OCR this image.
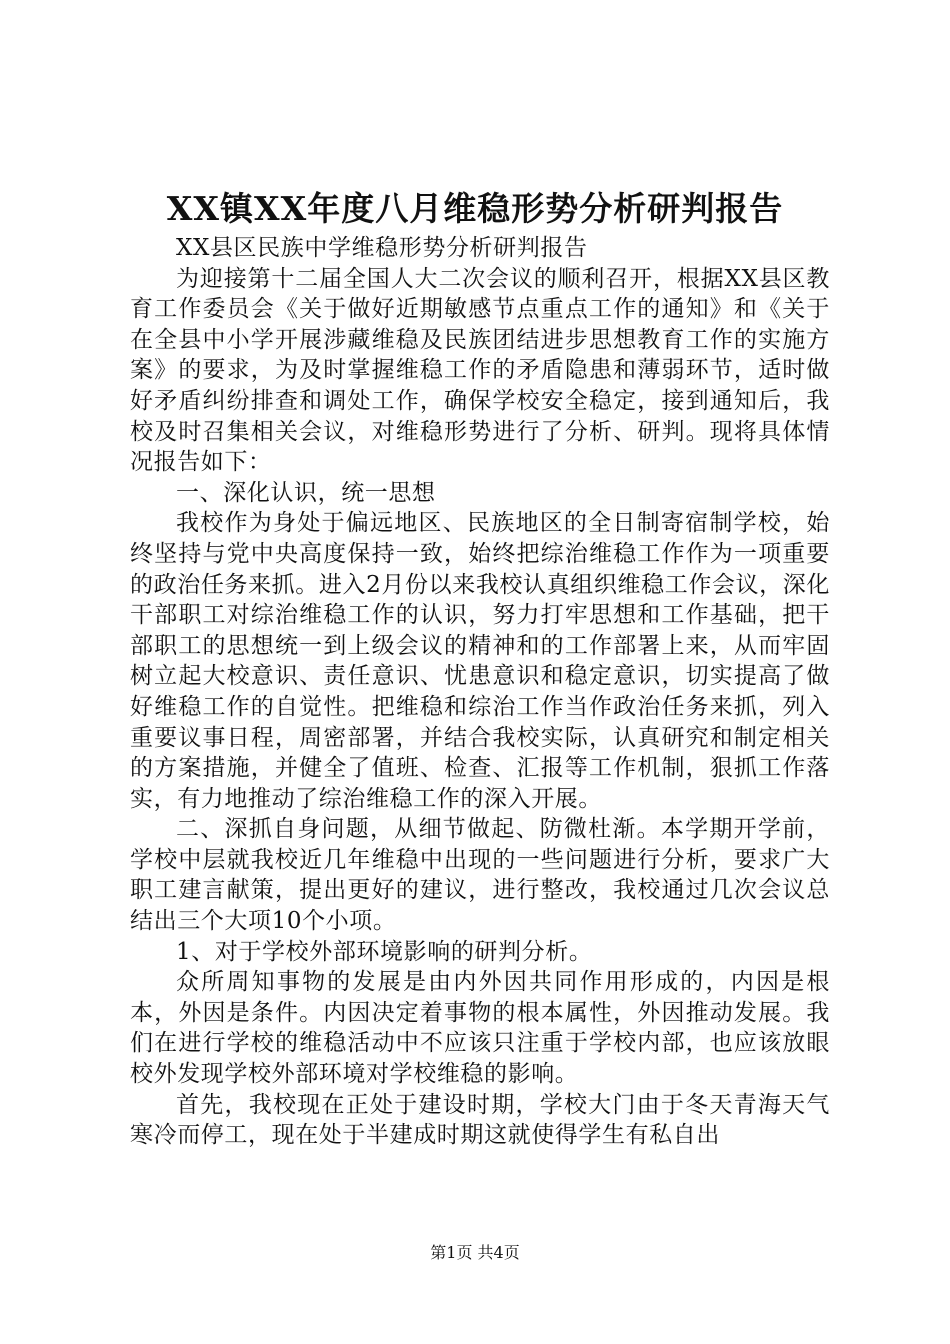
XX镇XX年度八月维稳形势分析研判报告

XX县区民族中学维稳形势分析研判报告

为迎接第十二届全国人大二次会议的顺利召开，根据XX县区教育工作委员会《关于做好近期敏感节点重点工作的通知》和《关于在全县中小学开展涉藏维稳及民族团结进步思想教育工作的实施方案》的要求，为及时掌握维稳工作的矛盾隐患和薄弱环节，适时做好矛盾纠纷排查和调处工作，确保学校安全稳定，接到通知后，我校及时召集相关会议，对维稳形势进行了分析、研判。现将具体情况报告如下：

一、深化认识，统一思想

我校作为身处于偏远地区、民族地区的全日制寄宿制学校，始终坚持与党中央高度保持一致，始终把综治维稳工作作为一项重要的政治任务来抓。进入2月份以来我校认真组织维稳工作会议，深化干部职工对综治维稳工作的认识，努力打牢思想和工作基础，把干部职工的思想统一到上级会议的精神和的工作部署上来，从而牢固树立起大校意识、责任意识、忧患意识和稳定意识，切实提高了做好维稳工作的自觉性。把维稳和综治工作当作政治任务来抓，列入重要议事日程，周密部署，并结合我校实际，认真研究和制定相关的方案措施，并健全了值班、检查、汇报等工作机制，狠抓工作落实，有力地推动了综治维稳工作的深入开展。

二、深抓自身问题，从细节做起、防微杜渐。本学期开学前，学校中层就我校近几年维稳中出现的一些问题进行分析，要求广大职工建言献策，提出更好的建议，进行整改，我校通过几次会议总结出三个大项10个小项。

1、对于学校外部环境影响的研判分析。

众所周知事物的发展是由内外因共同作用形成的，内因是根本，外因是条件。内因决定着事物的根本属性，外因推动发展。我们在进行学校的维稳活动中不应该只注重于学校内部，也应该放眼校外发现学校外部环境对学校维稳的影响。

首先，我校现在正处于建设时期，学校大门由于冬天青海天气寒冷而停工，现在处于半建成时期这就使得学生有私自出

第1页 共4页
